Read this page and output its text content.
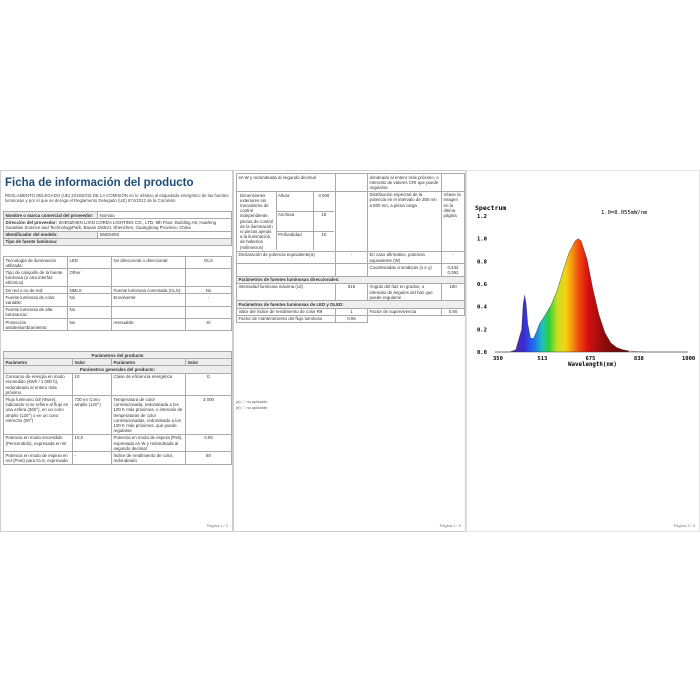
Ficha de información del producto
REGLAMENTO DELEGADO (UE) 2019/2015 DE LA COMISIÓN en lo relativo al etiquetado energético de las fuentes luminosas y por el que se deroga el Reglamento Delegado (UE) 874/2012 de la Comisión
Nombre o marca comercial del proveedor:	Nomiou
Dirección del proveedor: SHENZHEN LIXIN CORDA LIGHTING CO., LTD, 9th Floor, Building A8, Huafeng Guantian Science and TechnologyPark, Baoan District, Shenzhen, Guangdong Province, China	
Identificador del modelo:	SMD5050
Tipo de fuente luminosa:	
Tecnología de iluminación utilizada:	LED	No direccional o direccional:	DLS
Tipo de casquillo de la fuente luminosa (u otra interfaz eléctrica)	Other		
De red o no de red:	NMLS	Fuente luminosa conectada (CLS):	No
Fuente luminosa de color variable:	No	Envolvente:	-
Fuente luminosa de alta luminancia:	No		
Protección antideslumbramiento:	No	Atenuable:	Sí
Parámetros del producto			
Parámetro	Valor	Parámetro	Valor
Parámetros generales del producto:			
Consumo de energía en modo encendido (kWh / 1 000 h), redondeado al entero más próximo	10	Clase de eficiencia energética	G
Flujo luminoso útil (Φuse), indicando si se refiere al flujo en una esfera (360°), en un cono amplio (120°) o en un cono estrecho (90°)	730 en Cono amplio (120°)	Temperatura de color correlacionada, redondeada a los 100 K más próximos, o intervalo de temperaturas de color correlacionadas, redondeado a los 100 K más próximos, que puede regularse	3 000
Potencia en modo encendido (Pencendido), expresada en W	10,0	Potencia en modo de espera (Psb), expresada en W y redondeada al segundo decimal	0,00
Potencia en modo de espera en red (Pnet) para CLS, expresada	-	Índice de rendimiento de color, redondeado	80
Página 1 / 3
en W y redondeada al segundo decimal		dondeado al entero más próximo, o intervalo de valores CRI que puede regularse	

Dimensiones exteriores sin mecanismo de control independiente, piezas de control de la iluminación ni piezas ajenas a la iluminación, de haberlos (milímetros)	Altura	3 000
Anchura	15
Profundidad	10
		Distribución espectral de la potencia en el intervalo de 250 nm a 800 nm, a plena carga	Véase la imagen en la última página
Declaración de potencia equivalente(a)	-	En caso afirmativo, potencia equivalente (W)	-
		Coordenadas cromáticas (x e y)	0,432
0,392
Parámetros de fuentes luminosas direccionales:
Intensidad luminosa máxima (cd)	816	Ángulo del haz en grados, o intervalo de ángulos del haz que puede regularse	180
Parámetros de fuentes luminosas de LED y OLED:
Valor del índice de rendimiento de color R9	1	Factor de supervivencia	0,90
Factor de mantenimiento del flujo luminoso	0,96		
(a) '-': no aplicable;
(b) '-': no aplicable;
Página 2 / 3	Página 3 / 3
Spectrum
1.0=8.055mW/nm
1.2
1.0
0.8
0.6
0.4
0.2
0.0
350	513	675	838	1000
Wavelength(nm)
